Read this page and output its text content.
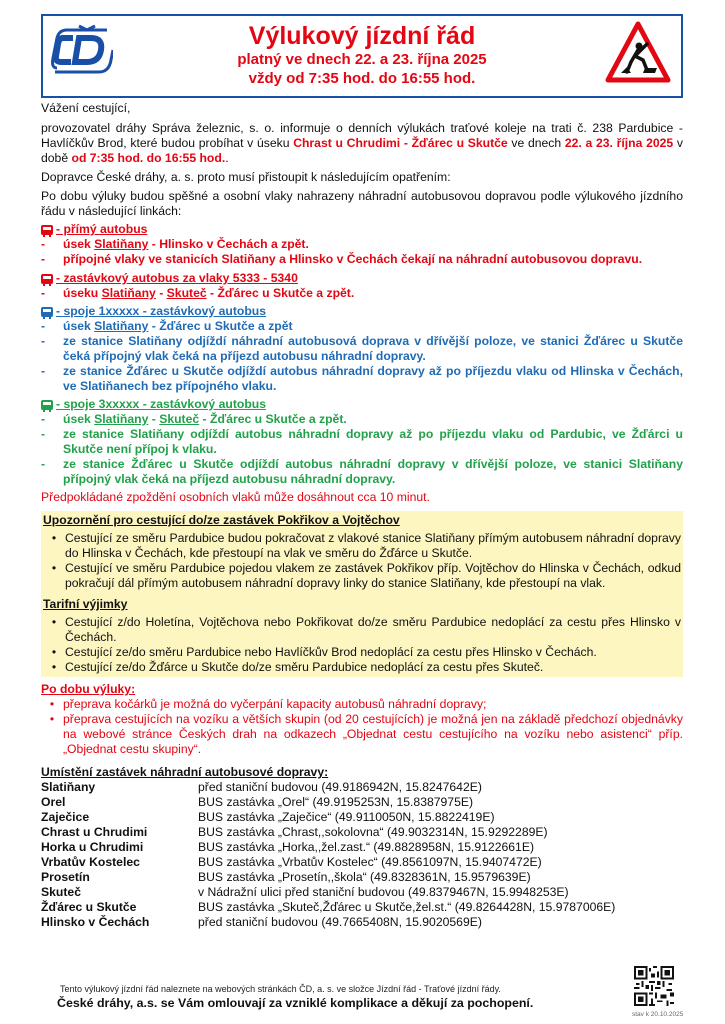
Výlukový jízdní řád
platný ve dnech 22. a 23. října 2025
vždy od 7:35 hod. do 16:55 hod.

Vážení cestující,

provozovatel dráhy Správa železnic, s. o. informuje o denních výlukách traťové koleje na trati č. 238 Pardubice - Havlíčkův Brod, které budou probíhat v úseku Chrast u Chrudimi - Žďárec u Skutče ve dnech 22. a 23. října 2025 v době od 7:35 hod. do 16:55 hod..

Dopravce České dráhy, a. s. proto musí přistoupit k následujícím opatřením:

Po dobu výluky budou spěšné a osobní vlaky nahrazeny náhradní autobusovou dopravou podle výlukového jízdního řádu v následující linkách:

- přímý autobus
-	úsek Slatiňany - Hlinsko v Čechách a zpět.
-	přípojné vlaky ve stanicích Slatiňany a Hlinsko v Čechách čekají na náhradní autobusovou dopravu.
- zastávkový autobus za vlaky 5333 - 5340
-	úseku Slatiňany - Skuteč - Žďárec u Skutče a zpět.
- spoje 1xxxxx - zastávkový autobus
-	úsek Slatiňany - Žďárec u Skutče a zpět
-	ze stanice Slatiňany odjíždí náhradní autobusová doprava v dřívější poloze, ve stanici Žďárec u Skutče čeká přípojný vlak čeká na příjezd autobusu náhradní dopravy.
-	ze stanice Žďárec u Skutče odjíždí autobus náhradní dopravy až po příjezdu vlaku od Hlinska v Čechách, ve Slatiňanech bez přípojného vlaku.
- spoje 3xxxxx - zastávkový autobus
-	úsek Slatiňany - Skuteč - Žďárec u Skutče a zpět.
-	ze stanice Slatiňany odjíždí autobus náhradní dopravy až po příjezdu vlaku od Pardubic, ve Žďárci u Skutče není přípoj k vlaku.
-	ze stanice Žďárec u Skutče odjíždí autobus náhradní dopravy v dřívější poloze, ve stanici Slatiňany přípojný vlak čeká na příjezd autobusu náhradní dopravy.
Předpokládané zpoždění osobních vlaků může dosáhnout cca 10 minut.
Upozornění pro cestující do/ze zastávek Pokřikov a Vojtěchov
• Cestující ze směru Pardubice budou pokračovat z vlakové stanice Slatiňany přímým autobusem náhradní dopravy do Hlinska v Čechách, kde přestoupí na vlak ve směru do Žďárce u Skutče.
• Cestující ve směru Pardubice pojedou vlakem ze zastávek Pokřikov příp. Vojtěchov do Hlinska v Čechách, odkud pokračují dál přímým autobusem náhradní dopravy linky do stanice Slatiňany, kde přestoupí na vlak.
Tarifní výjimky
• Cestující z/do Holetína, Vojtěchova nebo Pokřikovat do/ze směru Pardubice nedoplácí za cestu přes Hlinsko v Čechách.
• Cestující ze/do směru Pardubice nebo Havlíčkův Brod nedoplácí za cestu přes Hlinsko v Čechách.
• Cestující ze/do Žďárce u Skutče do/ze směru Pardubice nedoplácí za cestu přes Skuteč.
Po dobu výluky:
• přeprava kočárků je možná do vyčerpání kapacity autobusů náhradní dopravy;
• přeprava cestujících na vozíku a větších skupin (od 20 cestujících) je možná jen na základě předchozí objednávky na webové stránce Českých drah na odkazech „Objednat cestu cestujícího na vozíku nebo asistenci“ příp. „Objednat cestu skupiny“.
Umístění zastávek náhradní autobusové dopravy:
Slatiňany	před staniční budovou (49.9186942N, 15.8247642E)
Orel	BUS zastávka „Orel“ (49.9195253N, 15.8387975E)
Zaječice	BUS zastávka „Zaječice“ (49.9110050N, 15.8822419E)
Chrast u Chrudimi	BUS zastávka „Chrast,,sokolovna“ (49.9032314N, 15.9292289E)
Horka u Chrudimi	BUS zastávka „Horka,,žel.zast.“ (49.8828958N, 15.9122661E)
Vrbatův Kostelec	BUS zastávka „Vrbatův Kostelec“ (49.8561097N, 15.9407472E)
Prosetín	BUS zastávka „Prosetín,,škola“ (49.8328361N, 15.9579639E)
Skuteč	v Nádražní ulici před staniční budovou (49.8379467N, 15.9948253E)
Žďárec u Skutče	BUS zastávka „Skuteč,Žďárec u Skutče,žel.st.“ (49.8264428N, 15.9787006E)
Hlinsko v Čechách	před staniční budovou (49.7665408N, 15.9020569E)
Tento výlukový jízdní řád naleznete na webových stránkách ČD, a. s. ve složce Jízdní řád - Traťové jízdní řády.
České dráhy, a.s. se Vám omlouvají za vzniklé komplikace a děkují za pochopení.
stav k 20.10.2025
